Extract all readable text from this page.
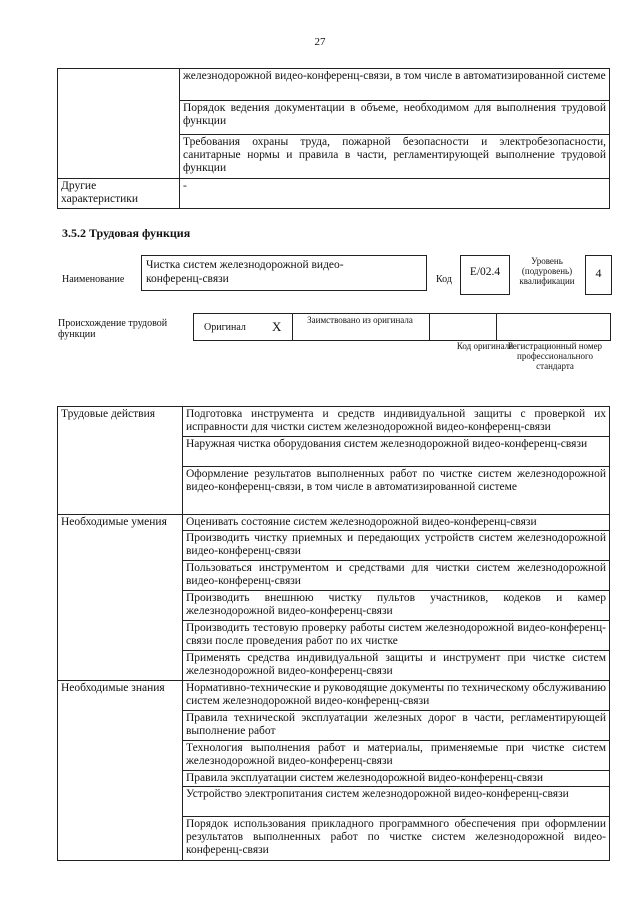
27
	железнодорожной видео-конференц-связи, в том числе в автоматизированной системе
	Порядок ведения документации в объеме, необходимом для выполнения трудовой функции
	Требования охраны труда, пожарной безопасности и электробезопасности, санитарные нормы и правила в части, регламентирующей выполнение трудовой функции
Другие характеристики	-
3.5.2 Трудовая функция
Наименование
Чистка систем железнодорожной видео-конференц-связи	Код
E/02.4
Уровень (подуровень) квалификации
4
Происхождение трудовой функции
Оригинал X	Заимствовано из оригинала
Код оригинала
Регистрационный номер профессионального стандарта
Трудовые действия	Подготовка инструмента и средств индивидуальной защиты с проверкой их исправности для чистки систем железнодорожной видео-конференц-связи
	Наружная чистка оборудования систем железнодорожной видео-конференц-связи
	Оформление результатов выполненных работ по чистке систем железнодорожной видео-конференц-связи, в том числе в автоматизированной системе
Необходимые умения	Оценивать состояние систем железнодорожной видео-конференц-связи
	Производить чистку приемных и передающих устройств систем железнодорожной видео-конференц-связи
	Пользоваться инструментом и средствами для чистки систем железнодорожной видео-конференц-связи
	Производить внешнюю чистку пультов участников, кодеков и камер железнодорожной видео-конференц-связи
	Производить тестовую проверку работы систем железнодорожной видео-конференц-связи после проведения работ по их чистке
	Применять средства индивидуальной защиты и инструмент при чистке систем железнодорожной видео-конференц-связи
Необходимые знания	Нормативно-технические и руководящие документы по техническому обслуживанию систем железнодорожной видео-конференц-связи
	Правила технической эксплуатации железных дорог в части, регламентирующей выполнение работ
	Технология выполнения работ и материалы, применяемые при чистке систем железнодорожной видео-конференц-связи
	Правила эксплуатации систем железнодорожной видео-конференц-связи
	Устройство электропитания систем железнодорожной видео-конференц-связи
	Порядок использования прикладного программного обеспечения при оформлении результатов выполненных работ по чистке систем железнодорожной видео-конференц-связи
